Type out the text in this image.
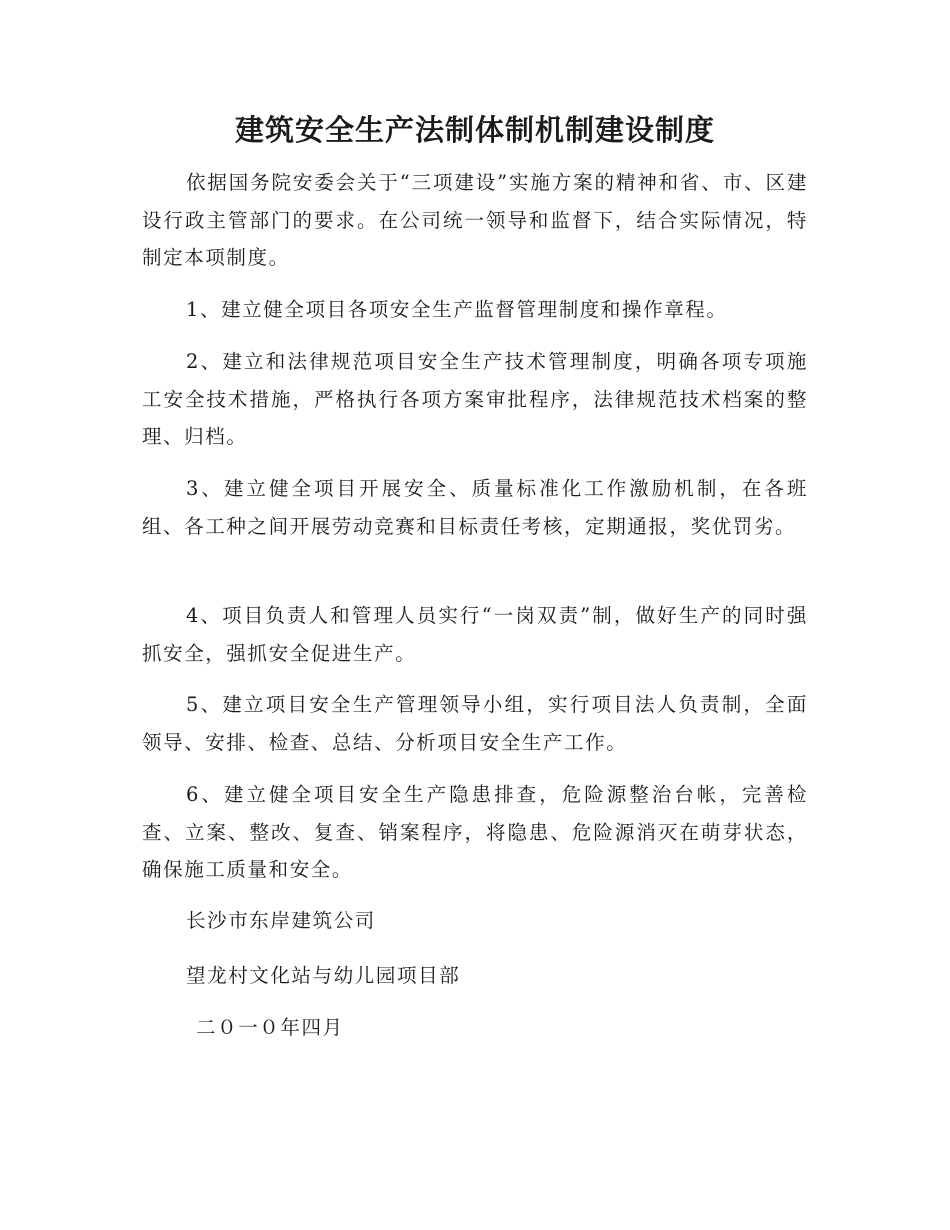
建筑安全生产法制体制机制建设制度

依据国务院安委会关于“三项建设”实施方案的精神和省、市、区建设行政主管部门的要求。在公司统一领导和监督下，结合实际情况，特制定本项制度。

1、建立健全项目各项安全生产监督管理制度和操作章程。

2、建立和法律规范项目安全生产技术管理制度，明确各项专项施工安全技术措施，严格执行各项方案审批程序，法律规范技术档案的整理、归档。

3、建立健全项目开展安全、质量标准化工作激励机制，在各班组、各工种之间开展劳动竞赛和目标责任考核，定期通报，奖优罚劣。

4、项目负责人和管理人员实行“一岗双责”制，做好生产的同时强抓安全，强抓安全促进生产。

5、建立项目安全生产管理领导小组，实行项目法人负责制，全面领导、安排、检查、总结、分析项目安全生产工作。

6、建立健全项目安全生产隐患排查，危险源整治台帐，完善检查、立案、整改、复查、销案程序，将隐患、危险源消灭在萌芽状态，确保施工质量和安全。

长沙市东岸建筑公司

望龙村文化站与幼儿园项目部

二０一０年四月
